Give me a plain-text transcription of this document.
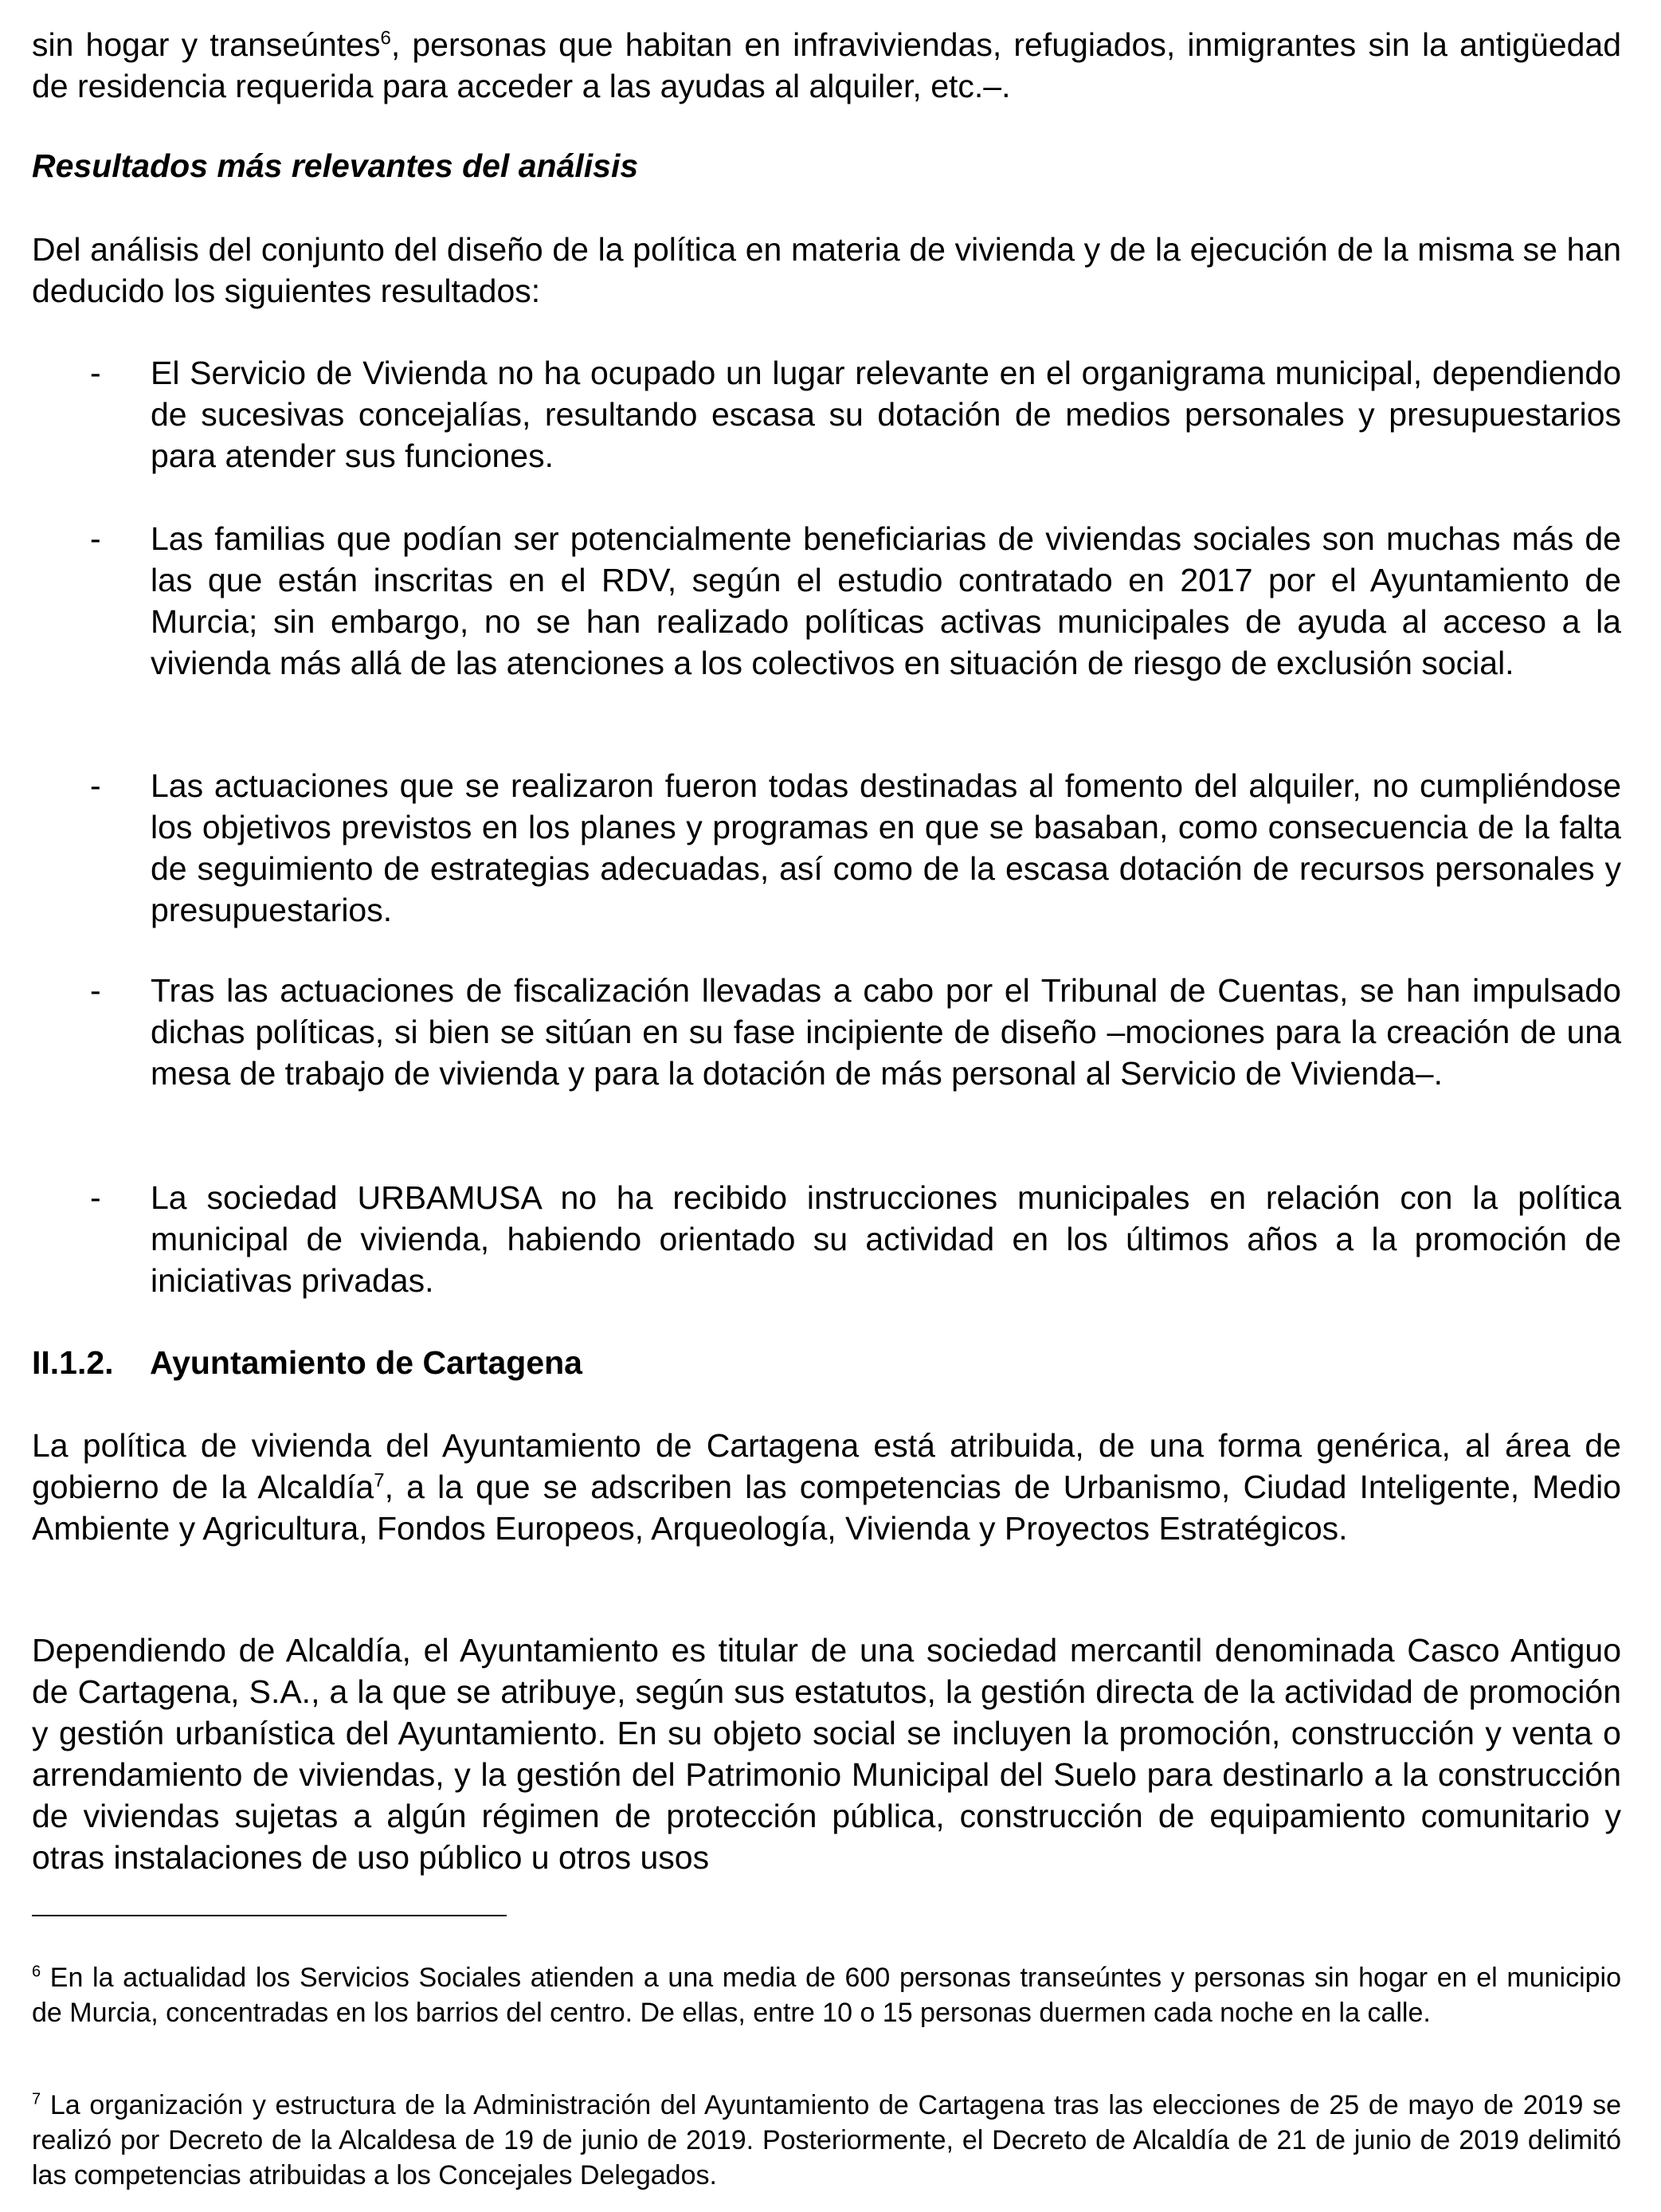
sin hogar y transeúntes$^6$, personas que habitan en infraviviendas, refugiados, inmigrantes sin la antigüedad de residencia requerida para acceder a las ayudas al alquiler, etc.–.

Resultados más relevantes del análisis

Del análisis del conjunto del diseño de la política en materia de vivienda y de la ejecución de la misma se han deducido los siguientes resultados:

- El Servicio de Vivienda no ha ocupado un lugar relevante en el organigrama municipal, dependiendo de sucesivas concejalías, resultando escasa su dotación de medios personales y presupuestarios para atender sus funciones.

- Las familias que podían ser potencialmente beneficiarias de viviendas sociales son muchas más de las que están inscritas en el RDV, según el estudio contratado en 2017 por el Ayuntamiento de Murcia; sin embargo, no se han realizado políticas activas municipales de ayuda al acceso a la vivienda más allá de las atenciones a los colectivos en situación de riesgo de exclusión social.

- Las actuaciones que se realizaron fueron todas destinadas al fomento del alquiler, no cumpliéndose los objetivos previstos en los planes y programas en que se basaban, como consecuencia de la falta de seguimiento de estrategias adecuadas, así como de la escasa dotación de recursos personales y presupuestarios.

- Tras las actuaciones de fiscalización llevadas a cabo por el Tribunal de Cuentas, se han impulsado dichas políticas, si bien se sitúan en su fase incipiente de diseño –mociones para la creación de una mesa de trabajo de vivienda y para la dotación de más personal al Servicio de Vivienda–.

- La sociedad URBAMUSA no ha recibido instrucciones municipales en relación con la política municipal de vivienda, habiendo orientado su actividad en los últimos años a la promoción de iniciativas privadas.

II.1.2. Ayuntamiento de Cartagena

La política de vivienda del Ayuntamiento de Cartagena está atribuida, de una forma genérica, al área de gobierno de la Alcaldía$^7$, a la que se adscriben las competencias de Urbanismo, Ciudad Inteligente, Medio Ambiente y Agricultura, Fondos Europeos, Arqueología, Vivienda y Proyectos Estratégicos.

Dependiendo de Alcaldía, el Ayuntamiento es titular de una sociedad mercantil denominada Casco Antiguo de Cartagena, S.A., a la que se atribuye, según sus estatutos, la gestión directa de la actividad de promoción y gestión urbanística del Ayuntamiento. En su objeto social se incluyen la promoción, construcción y venta o arrendamiento de viviendas, y la gestión del Patrimonio Municipal del Suelo para destinarlo a la construcción de viviendas sujetas a algún régimen de protección pública, construcción de equipamiento comunitario y otras instalaciones de uso público u otros usos

$^6$ En la actualidad los Servicios Sociales atienden a una media de 600 personas transeúntes y personas sin hogar en el municipio de Murcia, concentradas en los barrios del centro. De ellas, entre 10 o 15 personas duermen cada noche en la calle.

$^7$ La organización y estructura de la Administración del Ayuntamiento de Cartagena tras las elecciones de 25 de mayo de 2019 se realizó por Decreto de la Alcaldesa de 19 de junio de 2019. Posteriormente, el Decreto de Alcaldía de 21 de junio de 2019 delimitó las competencias atribuidas a los Concejales Delegados.
